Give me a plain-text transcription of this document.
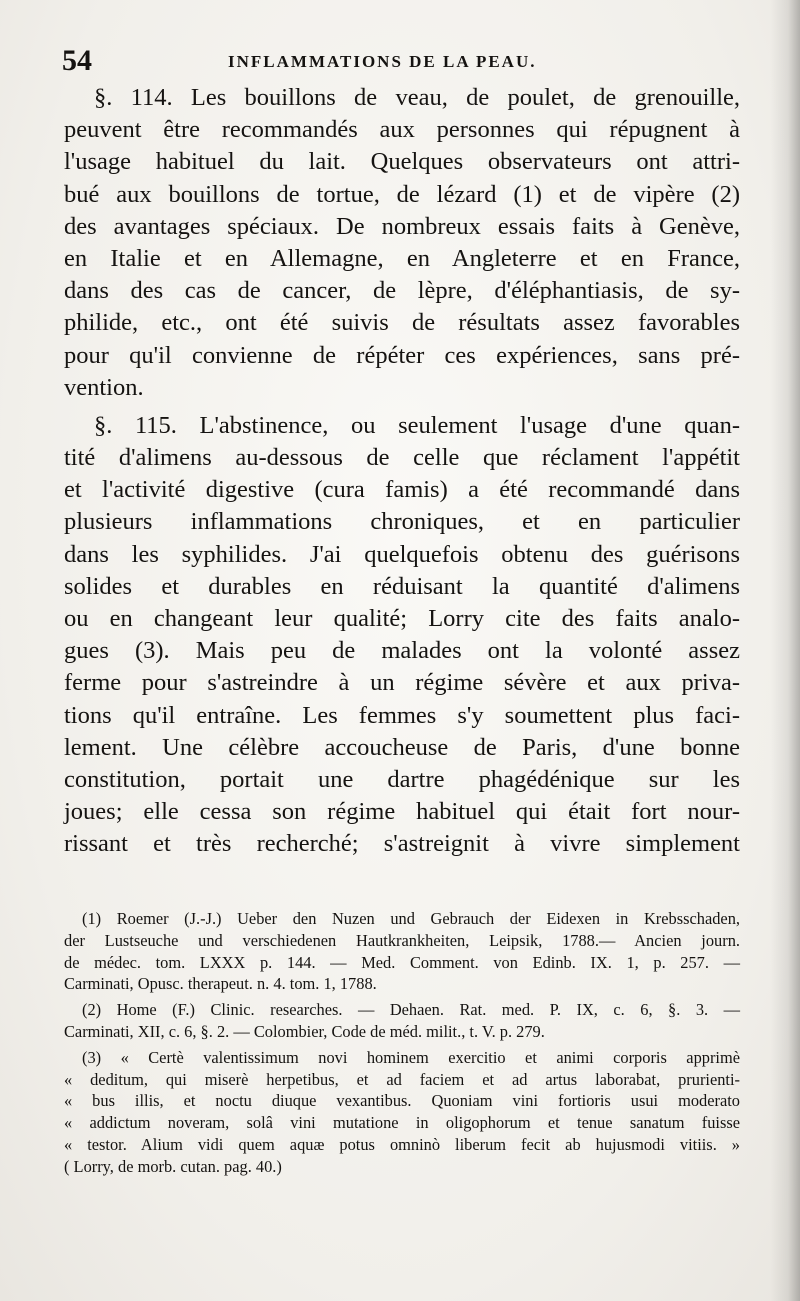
54	INFLAMMATIONS DE LA PEAU.
§. 114. Les bouillons de veau, de poulet, de grenouille,
peuvent être recommandés aux personnes qui répugnent à
l'usage habituel du lait. Quelques observateurs ont attri-
bué aux bouillons de tortue, de lézard (1) et de vipère (2)
des avantages spéciaux. De nombreux essais faits à Genève,
en Italie et en Allemagne, en Angleterre et en France,
dans des cas de cancer, de lèpre, d'éléphantiasis, de sy-
philide, etc., ont été suivis de résultats assez favorables
pour qu'il convienne de répéter ces expériences, sans pré-
vention.
§. 115. L'abstinence, ou seulement l'usage d'une quan-
tité d'alimens au-dessous de celle que réclament l'appétit
et l'activité digestive (cura famis) a été recommandé dans
plusieurs inflammations chroniques, et en particulier
dans les syphilides. J'ai quelquefois obtenu des guérisons
solides et durables en réduisant la quantité d'alimens
ou en changeant leur qualité; Lorry cite des faits analo-
gues (3). Mais peu de malades ont la volonté assez
ferme pour s'astreindre à un régime sévère et aux priva-
tions qu'il entraîne. Les femmes s'y soumettent plus faci-
lement. Une célèbre accoucheuse de Paris, d'une bonne
constitution, portait une dartre phagédénique sur les
joues; elle cessa son régime habituel qui était fort nour-
rissant et très recherché; s'astreignit à vivre simplement
(1) Roemer (J.-J.) Ueber den Nuzen und Gebrauch der Eidexen in Krebsschaden,
der Lustseuche und verschiedenen Hautkrankheiten, Leipsik, 1788.— Ancien journ.
de médec. tom. LXXX p. 144. — Med. Comment. von Edinb. IX. 1, p. 257. —
Carminati, Opusc. therapeut. n. 4. tom. 1, 1788.
(2) Home (F.) Clinic. researches. — Dehaen. Rat. med. P. IX, c. 6, §. 3. —
Carminati, XII, c. 6, §. 2. — Colombier, Code de méd. milit., t. V. p. 279.
(3) « Certè valentissimum novi hominem exercitio et animi corporis apprimè
« deditum, qui miserè herpetibus, et ad faciem et ad artus laborabat, prurienti-
« bus illis, et noctu diuque vexantibus. Quoniam vini fortioris usui moderato
« addictum noveram, solâ vini mutatione in oligophorum et tenue sanatum fuisse
« testor. Alium vidi quem aquæ potus omninò liberum fecit ab hujusmodi vitiis. »
( Lorry, de morb. cutan. pag. 40.)
